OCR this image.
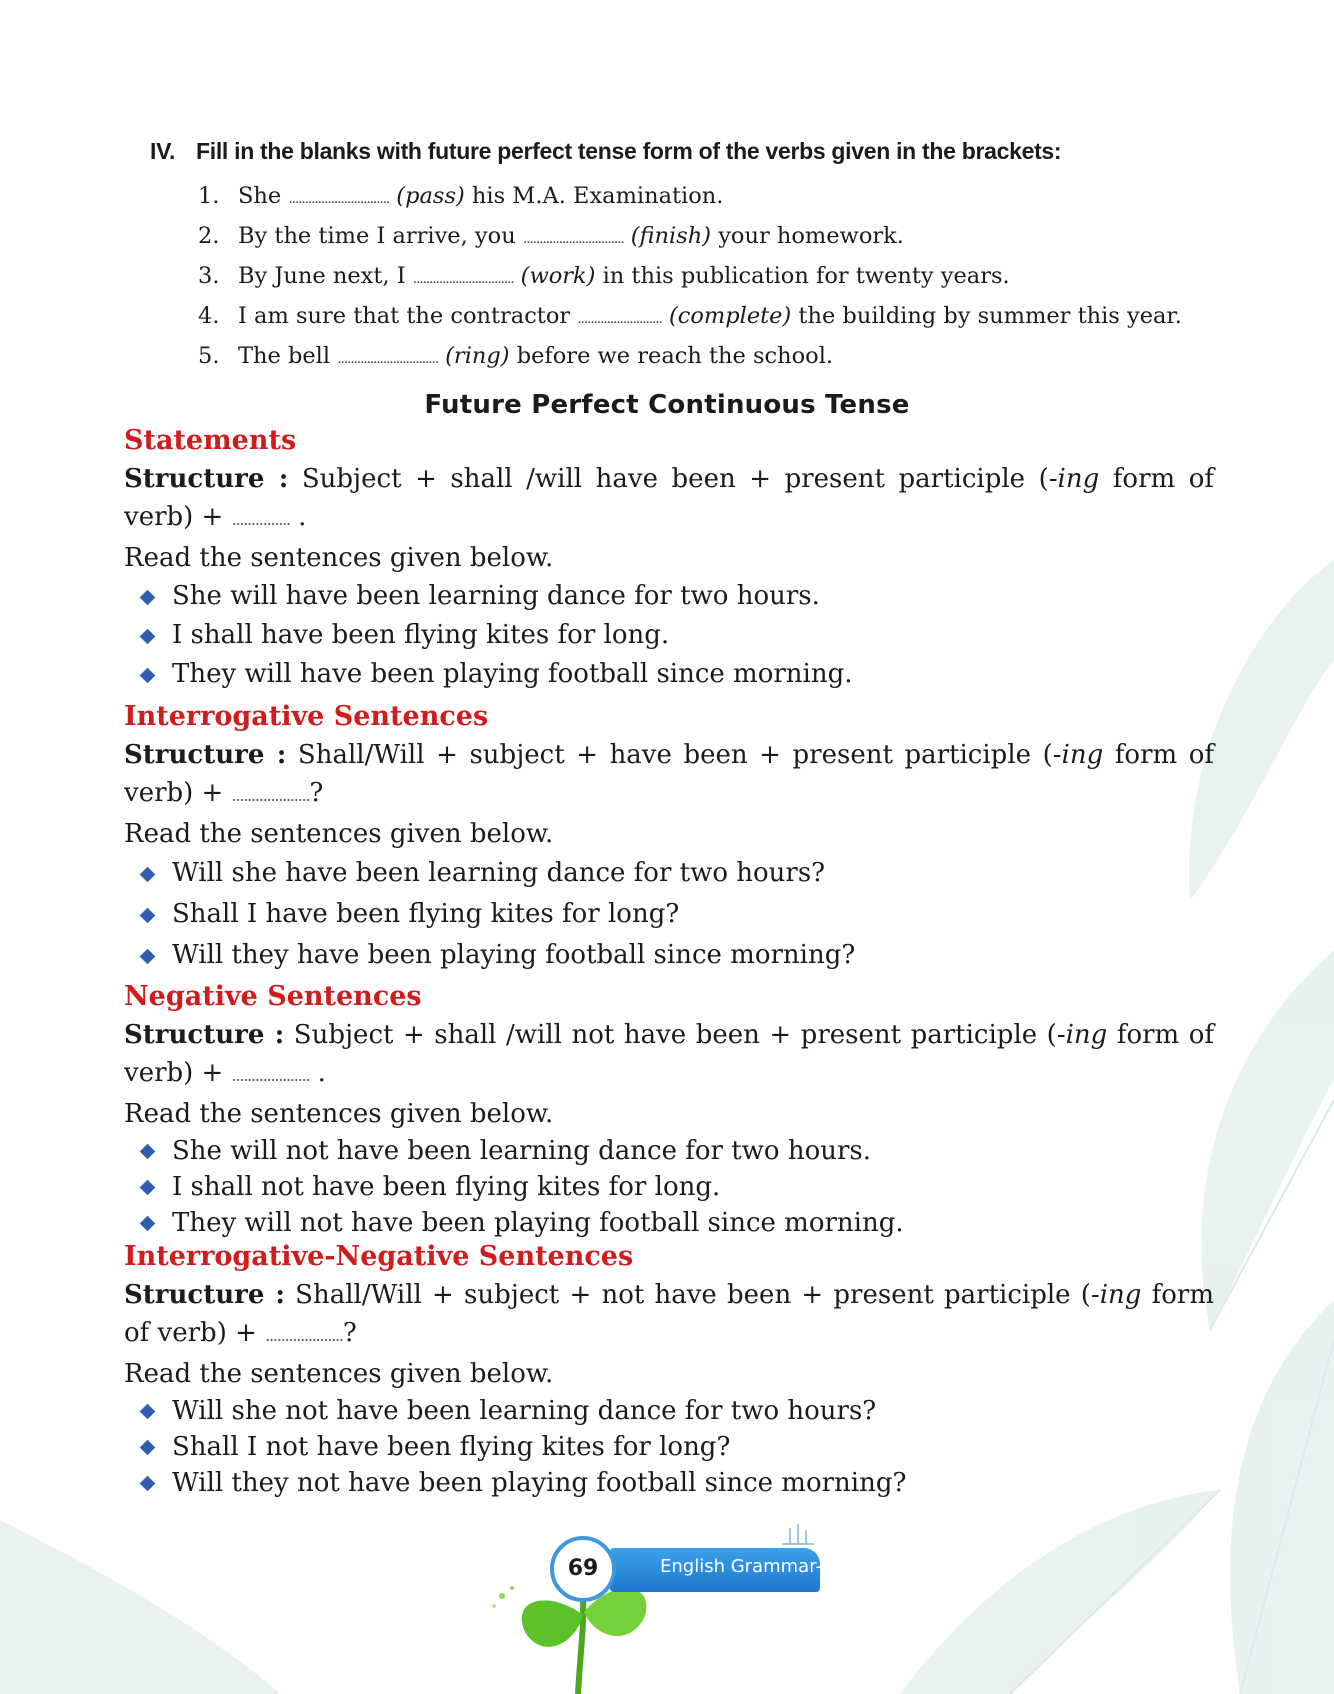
IV. Fill in the blanks with future perfect tense form of the verbs given in the brackets:
1. She ............................... (pass) his M.A. Examination.
2. By the time I arrive, you ............................... (finish) your homework.
3. By June next, I ............................... (work) in this publication for twenty years.
4. I am sure that the contractor .......................... (complete) the building by summer this year.
5. The bell ............................... (ring) before we reach the school.
Future Perfect Continuous Tense
Statements

Structure : Subject + shall /will have been + present participle (-ing form of verb) + ............... .

Read the sentences given below.

She will have been learning dance for two hours.
I shall have been flying kites for long.
They will have been playing football since morning.
Interrogative Sentences

Structure : Shall/Will + subject + have been + present participle (-ing form of verb) + ....................?

Read the sentences given below.

Will she have been learning dance for two hours?
Shall I have been flying kites for long?
Will they have been playing football since morning?
Negative Sentences

Structure : Subject + shall /will not have been + present participle (-ing form of verb) + .................... .

Read the sentences given below.

She will not have been learning dance for two hours.
I shall not have been flying kites for long.
They will not have been playing football since morning.
Interrogative-Negative Sentences

Structure : Shall/Will + subject + not have been + present participle (-ing form of verb) + ....................?

Read the sentences given below.

Will she not have been learning dance for two hours?
Shall I not have been flying kites for long?
Will they not have been playing football since morning?
English Grammar-8
69
